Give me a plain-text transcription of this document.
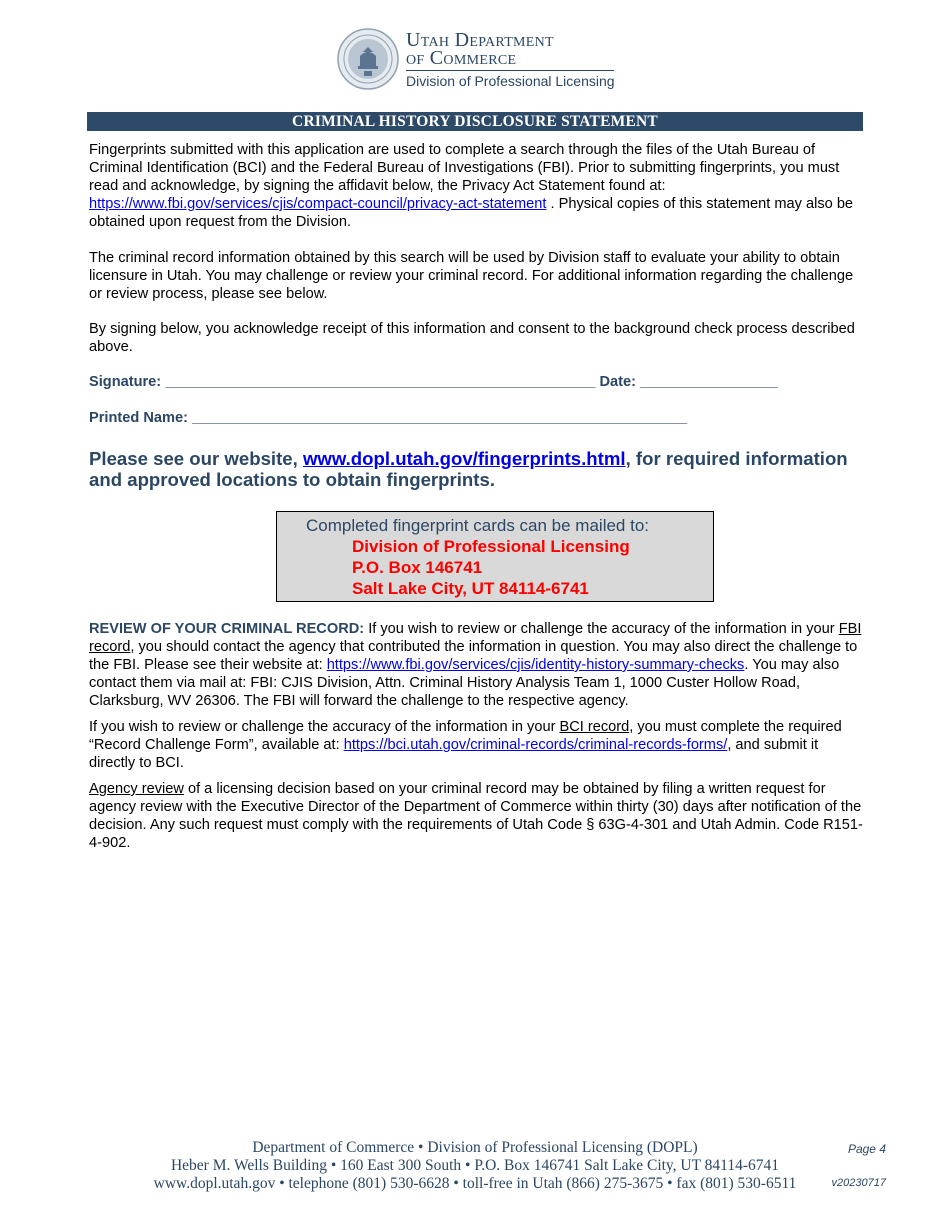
Utah Department
of Commerce
Division of Professional Licensing
CRIMINAL HISTORY DISCLOSURE STATEMENT

Fingerprints submitted with this application are used to complete a search through the files of the Utah Bureau of Criminal Identification (BCI) and the Federal Bureau of Investigations (FBI). Prior to submitting fingerprints, you must read and acknowledge, by signing the affidavit below, the Privacy Act Statement found at:
https://www.fbi.gov/services/cjis/compact-council/privacy-act-statement . Physical copies of this statement may also be obtained upon request from the Division.

The criminal record information obtained by this search will be used by Division staff to evaluate your ability to obtain licensure in Utah. You may challenge or review your criminal record. For additional information regarding the challenge or review process, please see below.

By signing below, you acknowledge receipt of this information and consent to the background check process described above.

Signature: _____________________________________________________ Date: _________________
Printed Name: _____________________________________________________________

Please see our website, www.dopl.utah.gov/fingerprints.html, for required information and approved locations to obtain fingerprints.

Completed fingerprint cards can be mailed to:
Division of Professional Licensing
P.O. Box 146741
Salt Lake City, UT 84114-6741

REVIEW OF YOUR CRIMINAL RECORD: If you wish to review or challenge the accuracy of the information in your FBI record, you should contact the agency that contributed the information in question. You may also direct the challenge to the FBI. Please see their website at: https://www.fbi.gov/services/cjis/identity-history-summary-checks. You may also contact them via mail at: FBI: CJIS Division, Attn. Criminal History Analysis Team 1, 1000 Custer Hollow Road, Clarksburg, WV 26306. The FBI will forward the challenge to the respective agency.

If you wish to review or challenge the accuracy of the information in your BCI record, you must complete the required “Record Challenge Form”, available at: https://bci.utah.gov/criminal-records/criminal-records-forms/, and submit it directly to BCI.

Agency review of a licensing decision based on your criminal record may be obtained by filing a written request for agency review with the Executive Director of the Department of Commerce within thirty (30) days after notification of the decision. Any such request must comply with the requirements of Utah Code § 63G-4-301 and Utah Admin. Code R151-4-902.

Department of Commerce • Division of Professional Licensing (DOPL)
Heber M. Wells Building • 160 East 300 South • P.O. Box 146741 Salt Lake City, UT 84114-6741
www.dopl.utah.gov • telephone (801) 530-6628 • toll-free in Utah (866) 275-3675 • fax (801) 530-6511
Page 4
v20230717
